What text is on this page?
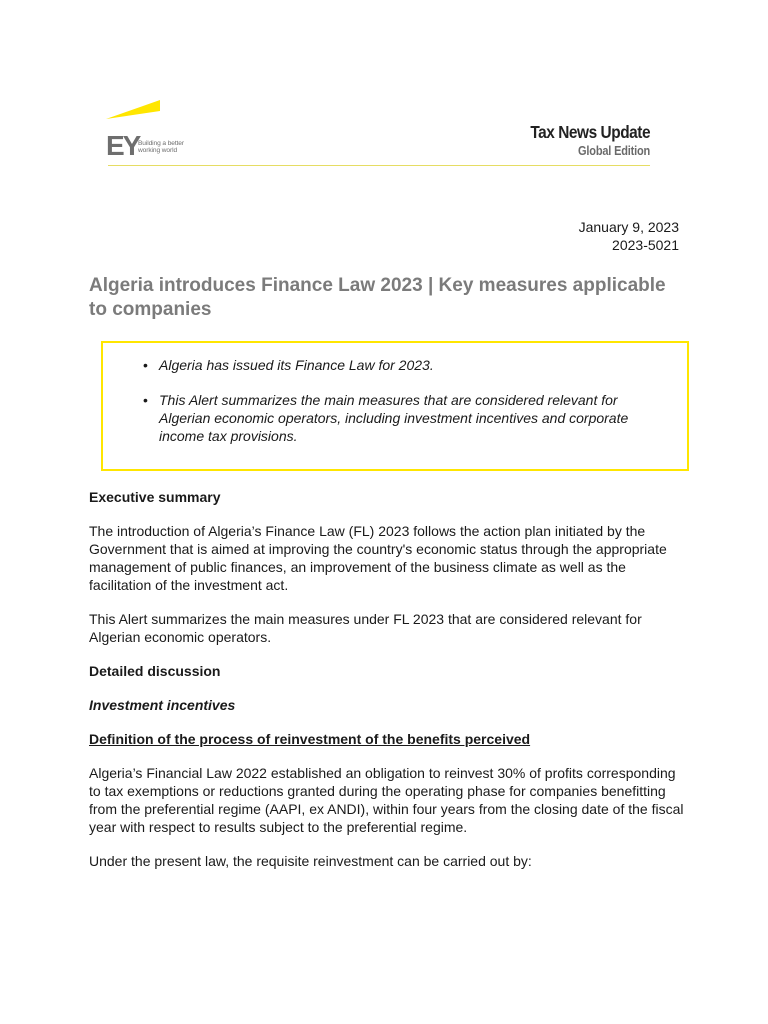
EY
Building a better
working world
Tax News Update
Global Edition
January 9, 2023
2023-5021
Algeria introduces Finance Law 2023 | Key measures applicable to companies
• Algeria has issued its Finance Law for 2023.
• This Alert summarizes the main measures that are considered relevant for Algerian economic operators, including investment incentives and corporate income tax provisions.
Executive summary

The introduction of Algeria’s Finance Law (FL) 2023 follows the action plan initiated by the Government that is aimed at improving the country's economic status through the appropriate management of public finances, an improvement of the business climate as well as the facilitation of the investment act.

This Alert summarizes the main measures under FL 2023 that are considered relevant for Algerian economic operators.

Detailed discussion
Investment incentives
Definition of the process of reinvestment of the benefits perceived

Algeria’s Financial Law 2022 established an obligation to reinvest 30% of profits corresponding to tax exemptions or reductions granted during the operating phase for companies benefitting from the preferential regime (AAPI, ex ANDI), within four years from the closing date of the fiscal year with respect to results subject to the preferential regime.

Under the present law, the requisite reinvestment can be carried out by:
